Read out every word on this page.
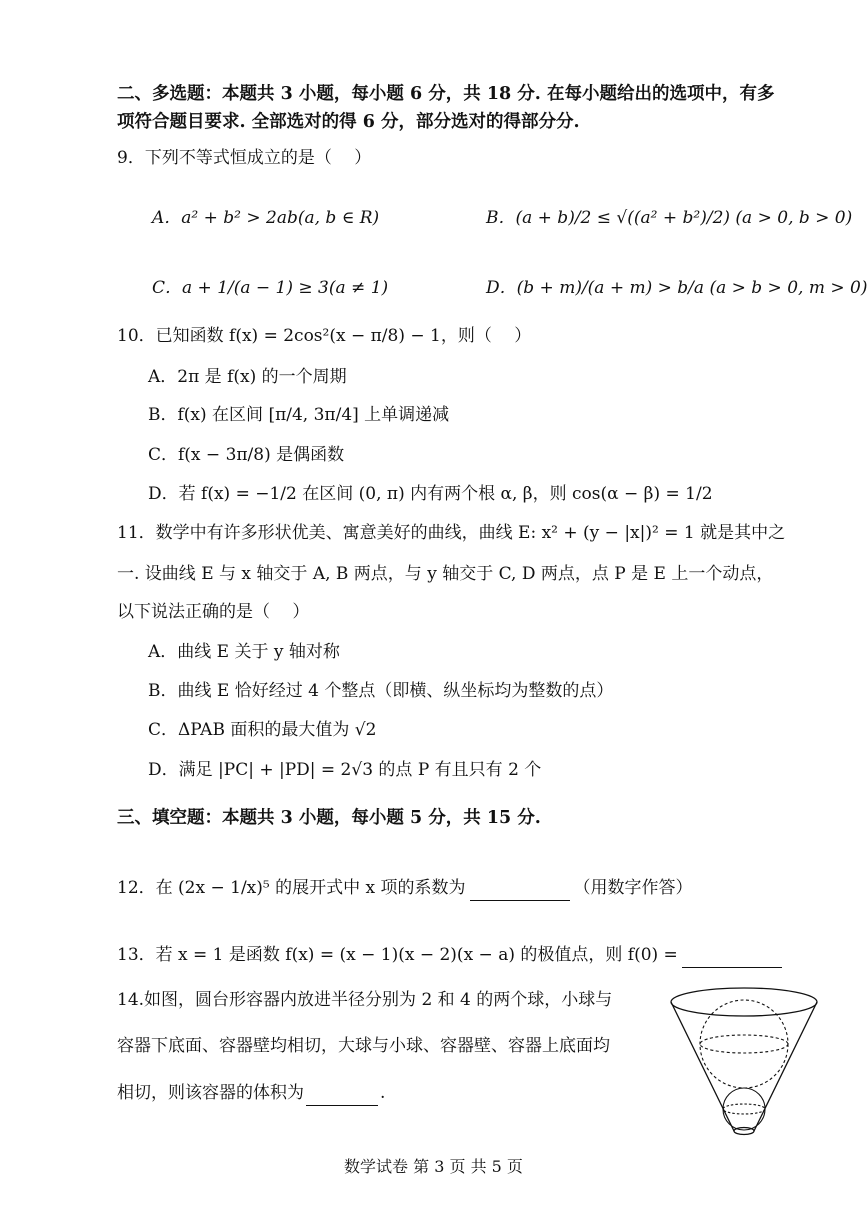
二、多选题：本题共 3 小题，每小题 6 分，共 18 分. 在每小题给出的选项中，有多
项符合题目要求. 全部选对的得 6 分，部分选对的得部分分.
9．下列不等式恒成立的是（　 ）
A．a² + b² > 2ab(a, b ∈ R)	B．(a + b)/2 ≤ √((a² + b²)/2) (a > 0, b > 0)
C．a + 1/(a − 1) ≥ 3(a ≠ 1)	D．(b + m)/(a + m) > b/a (a > b > 0, m > 0)
10．已知函数 f(x) = 2cos²(x − π/8) − 1，则（　 ）
A．2π 是 f(x) 的一个周期
B．f(x) 在区间 [π/4, 3π/4] 上单调递减
C．f(x − 3π/8) 是偶函数
D．若 f(x) = −1/2 在区间 (0, π) 内有两个根 α, β，则 cos(α − β) = 1/2
11．数学中有许多形状优美、寓意美好的曲线，曲线 E: x² + (y − |x|)² = 1 就是其中之
一. 设曲线 E 与 x 轴交于 A, B 两点，与 y 轴交于 C, D 两点，点 P 是 E 上一个动点，
以下说法正确的是（　 ）
A．曲线 E 关于 y 轴对称
B．曲线 E 恰好经过 4 个整点（即横、纵坐标均为整数的点）
C．ΔPAB 面积的最大值为 √2
D．满足 |PC| + |PD| = 2√3 的点 P 有且只有 2 个
三、填空题：本题共 3 小题，每小题 5 分，共 15 分.
12．在 (2x − 1/x)⁵ 的展开式中 x 项的系数为	（用数字作答）
13．若 x = 1 是函数 f(x) = (x − 1)(x − 2)(x − a) 的极值点，则 f(0) =
14.如图，圆台形容器内放进半径分别为 2 和 4 的两个球，小球与
容器下底面、容器壁均相切，大球与小球、容器壁、容器上底面均
相切，则该容器的体积为	.
数学试卷 第 3 页 共 5 页
